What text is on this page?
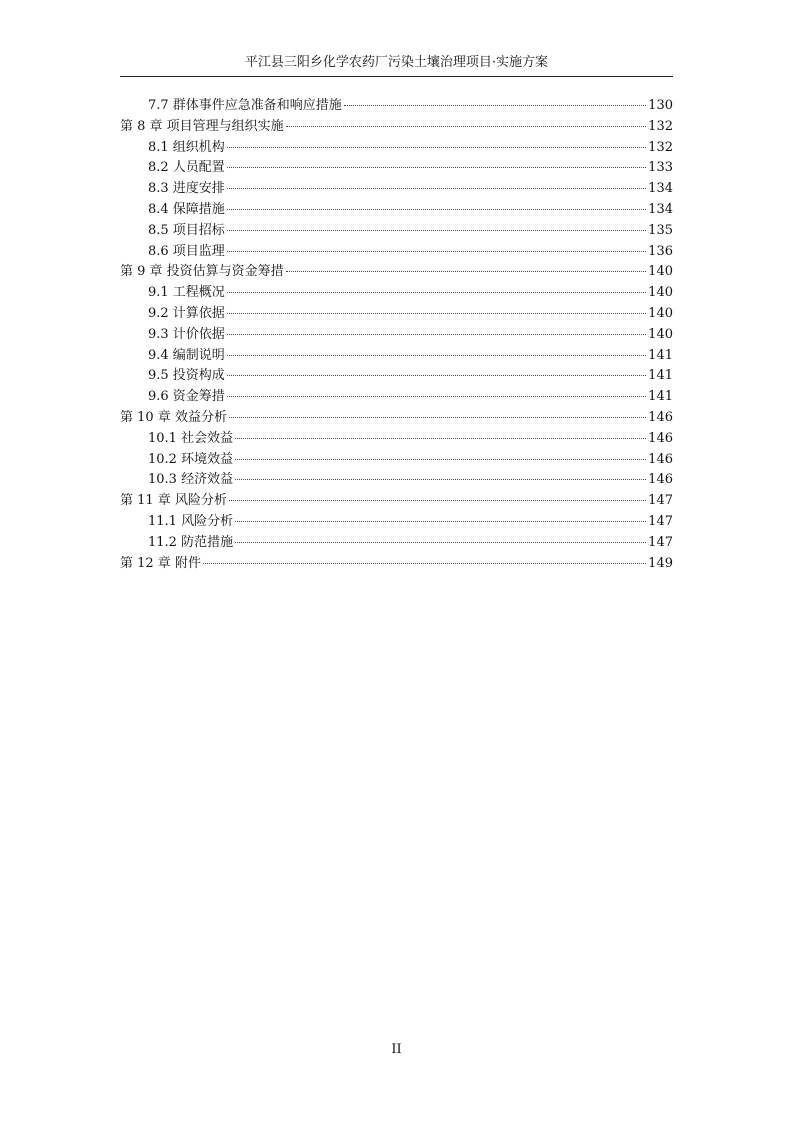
平江县三阳乡化学农药厂污染土壤治理项目·实施方案
7.7 群体事件应急准备和响应措施	130
第 8 章 项目管理与组织实施	132
8.1 组织机构	132
8.2 人员配置	133
8.3 进度安排	134
8.4 保障措施	134
8.5 项目招标	135
8.6 项目监理	136
第 9 章 投资估算与资金筹措	140
9.1 工程概况	140
9.2 计算依据	140
9.3 计价依据	140
9.4 编制说明	141
9.5 投资构成	141
9.6 资金筹措	141
第 10 章 效益分析	146
10.1 社会效益	146
10.2 环境效益	146
10.3 经济效益	146
第 11 章 风险分析	147
11.1 风险分析	147
11.2 防范措施	147
第 12 章 附件	149
II
